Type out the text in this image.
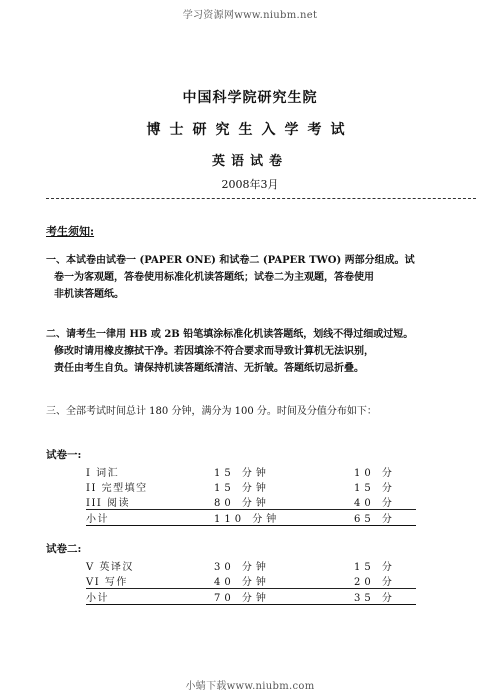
学习资源网www.niubm.net
中国科学院研究生院
博士研究生入学考试
英语试卷
2008年3月
考生须知:
一、本试卷由试卷一 (PAPER ONE) 和试卷二 (PAPER TWO) 两部分组成。试
卷一为客观题，答卷使用标准化机读答题纸；试卷二为主观题，答卷使用
非机读答题纸。
二、请考生一律用 HB 或 2B 铅笔填涂标准化机读答题纸，划线不得过细或过短。
修改时请用橡皮擦拭干净。若因填涂不符合要求而导致计算机无法识别，
责任由考生自负。请保持机读答题纸清洁、无折皱。答题纸切忌折叠。
三、全部考试时间总计 180 分钟，满分为 100 分。时间及分值分布如下：
试卷一:
I 词汇	15 分钟		10 分
II 完型填空	15 分钟		15 分
III 阅读	80 分钟		40 分
小计	110 分钟		65 分
试卷二:
V 英译汉	30 分钟		15 分
VI 写作	40 分钟		20 分
小计	70 分钟		35 分
小蜻下载www.niubm.com
